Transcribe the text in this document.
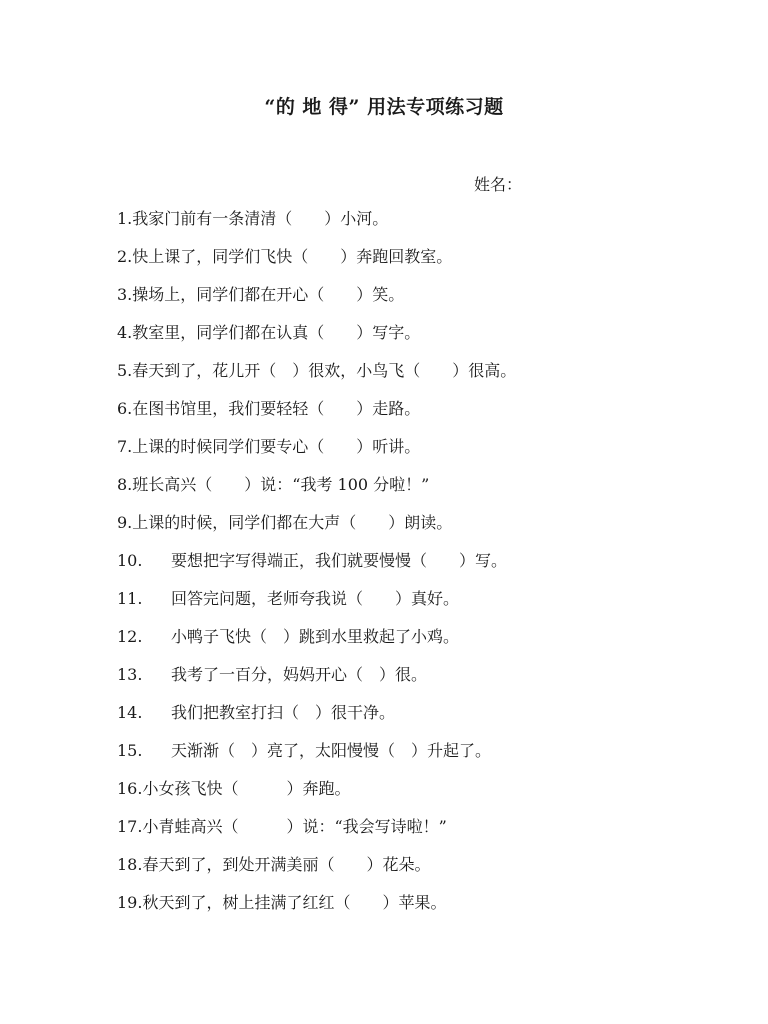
“的 地 得” 用法专项练习题
姓名：
1. 我家门前有一条清清（　　）小河。
2. 快上课了，同学们飞快（　　）奔跑回教室。
3. 操场上，同学们都在开心（　　）笑。
4. 教室里，同学们都在认真（　　）写字。
5. 春天到了，花儿开（　）很欢，小鸟飞（　　）很高。
6. 在图书馆里，我们要轻轻（　　）走路。
7. 上课的时候同学们要专心（　　）听讲。
8. 班长高兴（　　）说：“我考 100 分啦！”
9. 上课的时候，同学们都在大声（　　）朗读。
10.	要想把字写得端正，我们就要慢慢（　　）写。
11.	回答完问题，老师夸我说（　　）真好。
12.	小鸭子飞快（　）跳到水里救起了小鸡。
13.	我考了一百分，妈妈开心（　）很。
14.	我们把教室打扫（　）很干净。
15.	天渐渐（　）亮了，太阳慢慢（　）升起了。
16. 小女孩飞快（　　　）奔跑。
17. 小青蛙高兴（　　　）说：“我会写诗啦！”
18. 春天到了，到处开满美丽（　　）花朵。
19. 秋天到了，树上挂满了红红（　　）苹果。
